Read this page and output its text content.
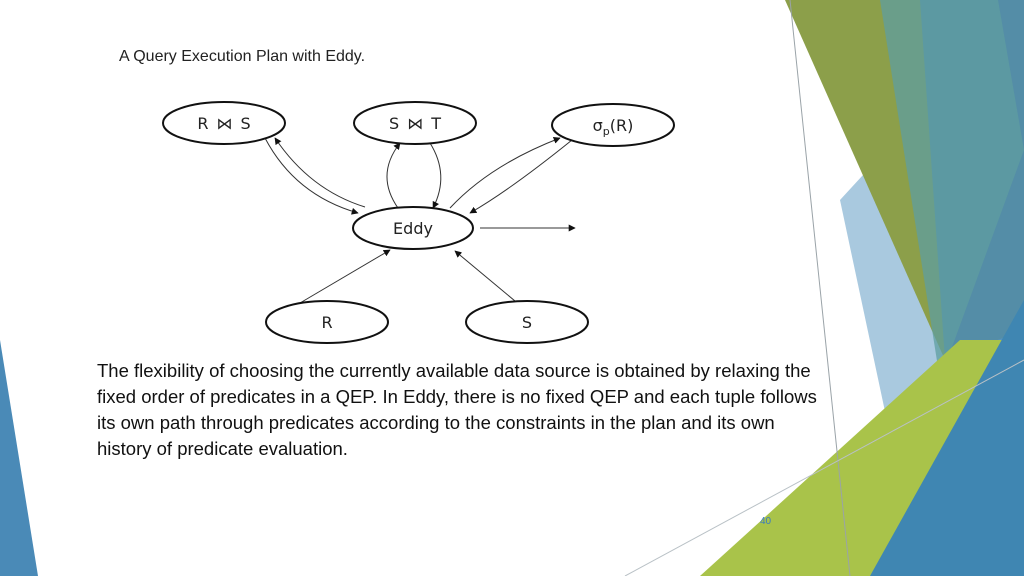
A Query Execution Plan with Eddy.
R ⋈ S	S ⋈ T	$\sigma_p(R)$
Eddy
R	S
The flexibility of choosing the currently available data source is obtained by relaxing the fixed order of predicates in a QEP. In Eddy, there is no fixed QEP and each tuple follows its own path through predicates according to the constraints in the plan and its own history of predicate evaluation.
40
